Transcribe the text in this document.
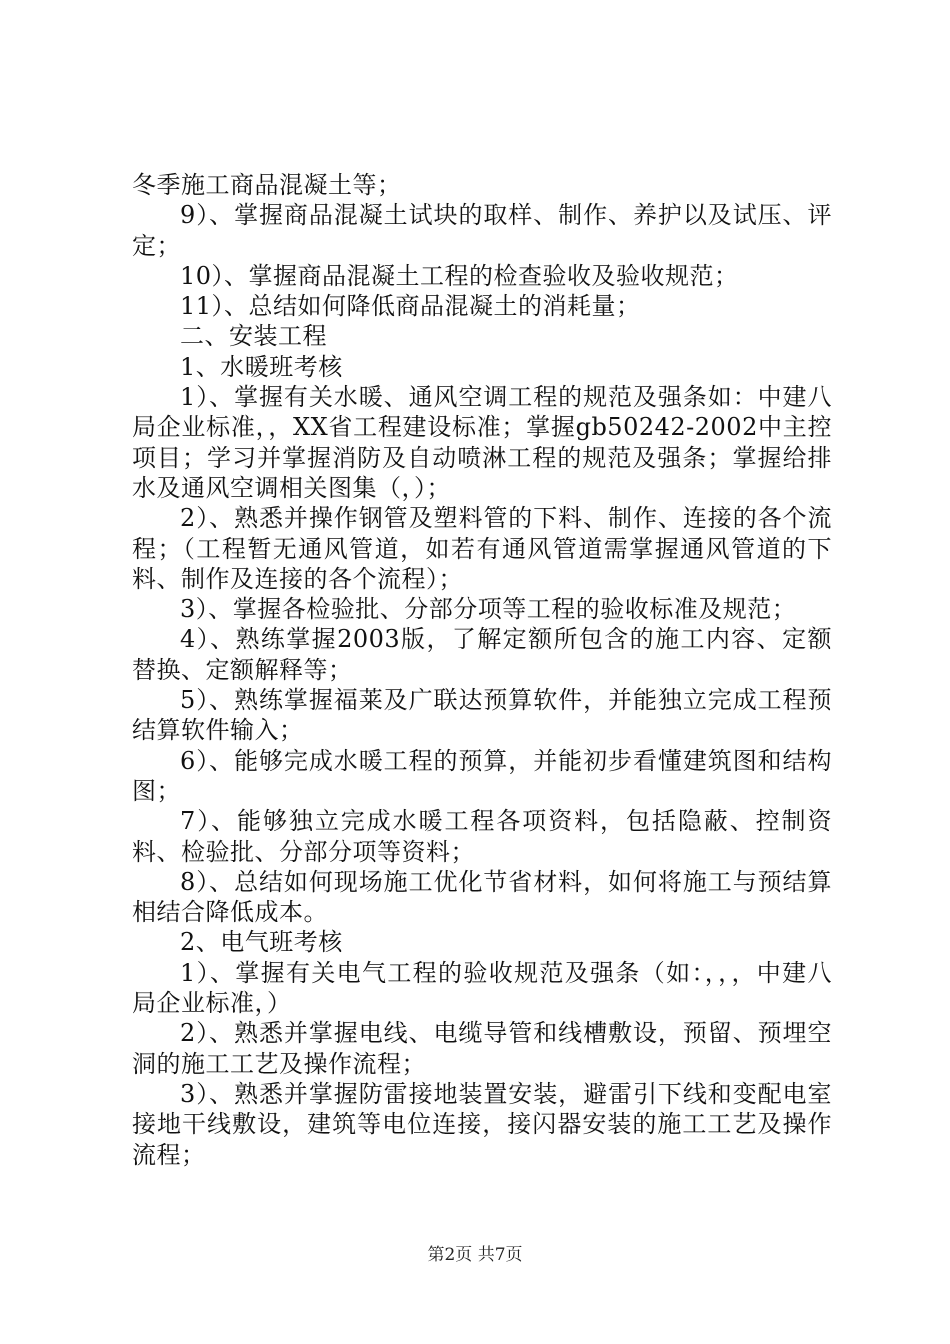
冬季施工商品混凝土等；

9）、掌握商品混凝土试块的取样、制作、养护以及试压、评定；

10）、掌握商品混凝土工程的检查验收及验收规范；

11）、总结如何降低商品混凝土的消耗量；

二、安装工程

1、水暖班考核

1）、掌握有关水暖、通风空调工程的规范及强条如：中建八局企业标准，，XX省工程建设标准；掌握gb50242-2002中主控项目；学习并掌握消防及自动喷淋工程的规范及强条；掌握给排水及通风空调相关图集（，）；

2）、熟悉并操作钢管及塑料管的下料、制作、连接的各个流程；（工程暂无通风管道，如若有通风管道需掌握通风管道的下料、制作及连接的各个流程）；

3）、掌握各检验批、分部分项等工程的验收标准及规范；

4）、熟练掌握2003版，了解定额所包含的施工内容、定额替换、定额解释等；

5）、熟练掌握福莱及广联达预算软件，并能独立完成工程预结算软件输入；

6）、能够完成水暖工程的预算，并能初步看懂建筑图和结构图；

7）、能够独立完成水暖工程各项资料，包括隐蔽、控制资料、检验批、分部分项等资料；

8）、总结如何现场施工优化节省材料，如何将施工与预结算相结合降低成本。

2、电气班考核

1）、掌握有关电气工程的验收规范及强条（如：，，，中建八局企业标准，）

2）、熟悉并掌握电线、电缆导管和线槽敷设，预留、预埋空洞的施工工艺及操作流程；

3）、熟悉并掌握防雷接地装置安装，避雷引下线和变配电室接地干线敷设，建筑等电位连接，接闪器安装的施工工艺及操作流程；

第2页 共7页
